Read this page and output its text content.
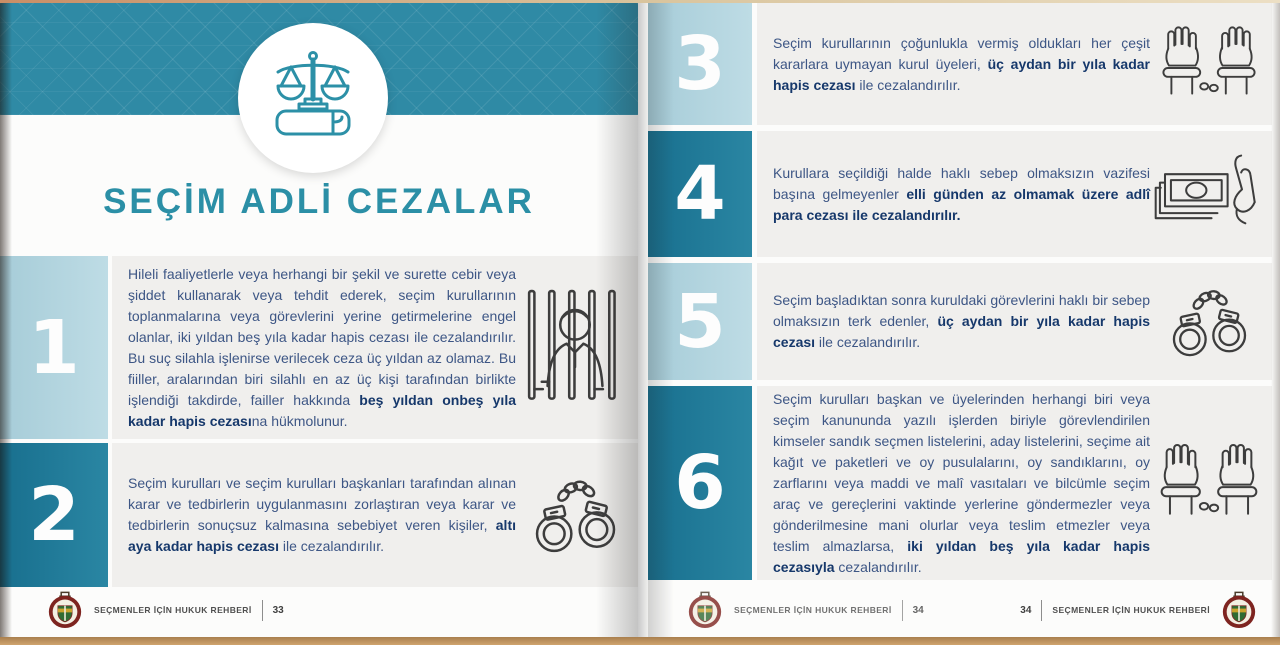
SEÇİM ADLİ CEZALAR
1
Hileli faaliyetlerle veya herhangi bir şekil ve surette cebir veya şiddet kullanarak veya tehdit ederek, seçim kurullarının toplanmalarına veya görevlerini yerine getirmelerine engel olanlar, iki yıldan beş yıla kadar hapis cezası ile cezalandırılır. Bu suç silahla işlenirse verilecek ceza üç yıldan az olamaz. Bu fiiller, aralarından biri silahlı en az üç kişi tarafından birlikte işlendiği takdirde, failler hakkında beş yıldan onbeş yıla kadar hapis cezasına hükmolunur.
2	Seçim kurulları ve seçim kurulları başkanları tarafından alınan karar ve tedbirlerin uygulanmasını zorlaştıran veya karar ve tedbirlerin sonuçsuz kalmasına sebebiyet veren kişiler, altı aya kadar hapis cezası ile cezalandırılır.
SEÇMENLER İÇİN HUKUK REHBERİ 33
3	Seçim kurullarının çoğunlukla vermiş oldukları her çeşit kararlara uymayan kurul üyeleri, üç aydan bir yıla kadar hapis cezası ile cezalandırılır.
4	Kurullara seçildiği halde haklı sebep olmaksızın vazifesi başına gelmeyenler elli günden az olmamak üzere adlî para cezası ile cezalandırılır.
5	Seçim başladıktan sonra kuruldaki görevlerini haklı bir sebep olmaksızın terk edenler, üç aydan bir yıla kadar hapis cezası ile cezalandırılır.
6
Seçim kurulları başkan ve üyelerinden herhangi biri veya seçim kanununda yazılı işlerden biriyle görevlendirilen kimseler sandık seçmen listelerini, aday listelerini, seçime ait kağıt ve paketleri ve oy pusulalarını, oy sandıklarını, oy zarflarını veya maddi ve malî vasıtaları ve bilcümle seçim araç ve gereçlerini vaktinde yerlerine göndermezler veya gönderilmesine mani olurlar veya teslim etmezler veya teslim almazlarsa, iki yıldan beş yıla kadar hapis cezasıyla cezalandırılır.
SEÇMENLER İÇİN HUKUK REHBERİ 34	34 SEÇMENLER İÇİN HUKUK REHBERİ
